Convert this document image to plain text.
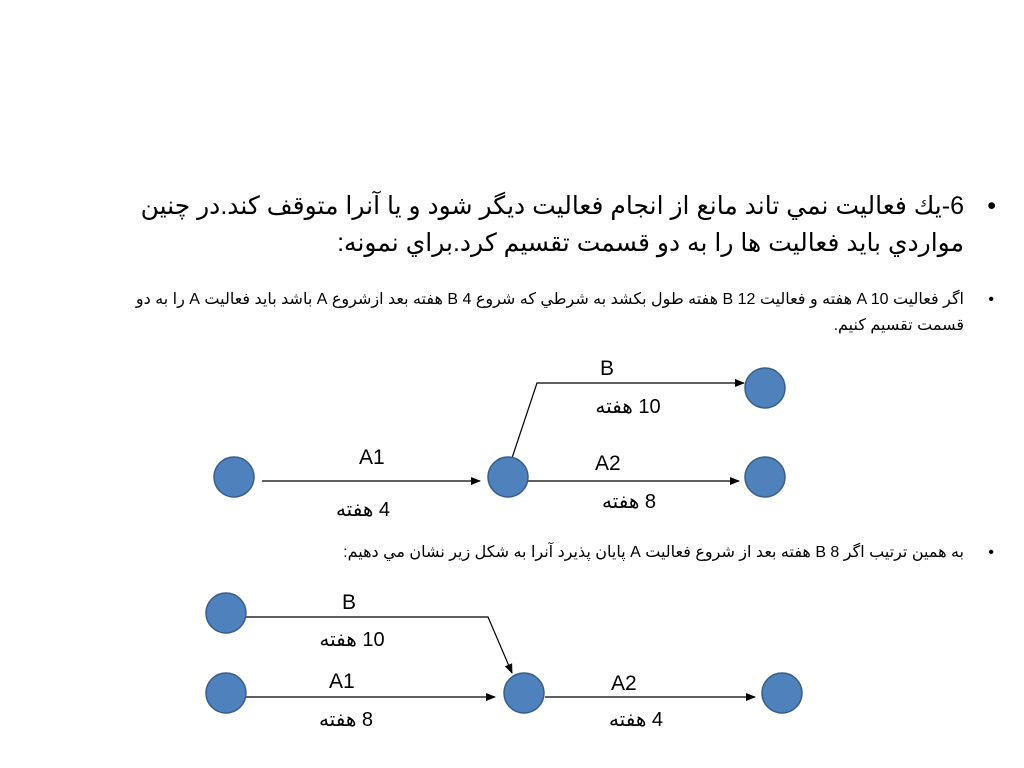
•
6-يك فعاليت نمي تاند مانع از انجام فعاليت ديگر شود و يا آنرا متوقف كند.در چنين مواردي بايد فعاليت ها را به دو قسمت تقسيم كرد.براي نمونه:
•
اگر فعاليت A 10 هفته و فعاليت B 12 هفته طول بكشد به شرطي كه شروع B 4 هفته بعد ازشروع A باشد بايد فعاليت A را به دو قسمت تقسيم كنيم.
•
به همين ترتيب اگر B 8 هفته بعد از شروع فعاليت A پايان پذيرد آنرا به شكل زير نشان مي دهيم:
B
10 هفته
A1
4 هفته
A2
8 هفته
B
10 هفته
A1
8 هفته
A2
4 هفته
